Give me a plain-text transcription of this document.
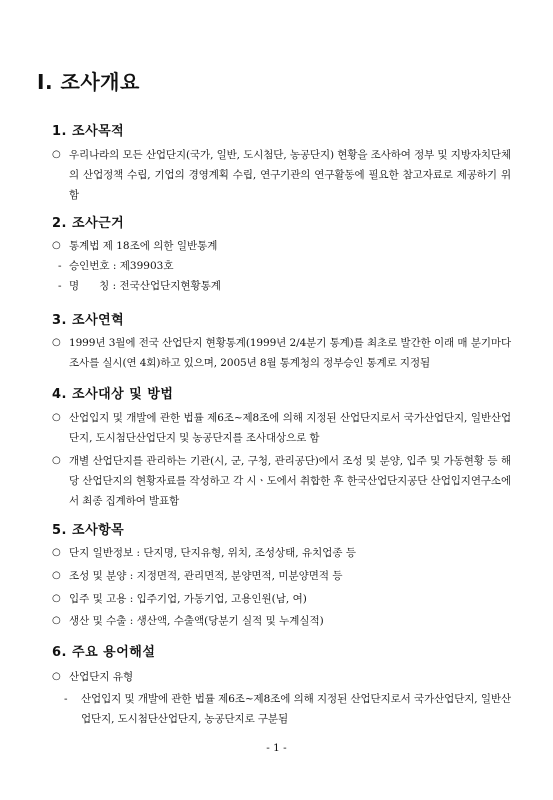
Ⅰ. 조사개요
1. 조사목적
○ 우리나라의 모든 산업단지(국가, 일반, 도시첨단, 농공단지) 현황을 조사하여 정부 및 지방자치단체의 산업정책 수립, 기업의 경영계획 수립, 연구기관의 연구활동에 필요한 참고자료로 제공하기 위함
2. 조사근거
○ 통계법 제 18조에 의한 일반통계
- 승인번호 : 제39903호
- 명      칭 : 전국산업단지현황통계
3. 조사연혁
○ 1999년 3월에 전국 산업단지 현황통계(1999년 2/4분기 통계)를 최초로 발간한 이래 매 분기마다 조사를 실시(연 4회)하고 있으며, 2005년 8월 통계청의 정부승인 통계로 지정됨
4. 조사대상 및 방법
○ 산업입지 및 개발에 관한 법률 제6조~제8조에 의해 지정된 산업단지로서 국가산업단지, 일반산업단지, 도시첨단산업단지 및 농공단지를 조사대상으로 함
○ 개별 산업단지를 관리하는 기관(시, 군, 구청, 관리공단)에서 조성 및 분양, 입주 및 가동현황 등 해당 산업단지의 현황자료를 작성하고 각 시ㆍ도에서 취합한 후 한국산업단지공단 산업입지연구소에서 최종 집계하여 발표함
5. 조사항목
○ 단지 일반정보 : 단지명, 단지유형, 위치, 조성상태, 유치업종 등
○ 조성 및 분양 : 지정면적, 관리면적, 분양면적, 미분양면적 등
○ 입주 및 고용 : 입주기업, 가동기업, 고용인원(남, 여)
○ 생산 및 수출 : 생산액, 수출액(당분기 실적 및 누계실적)
6. 주요 용어해설
○ 산업단지 유형
- 산업입지 및 개발에 관한 법률 제6조~제8조에 의해 지정된 산업단지로서 국가산업단지, 일반산업단지, 도시첨단산업단지, 농공단지로 구분됨
- 1 -
